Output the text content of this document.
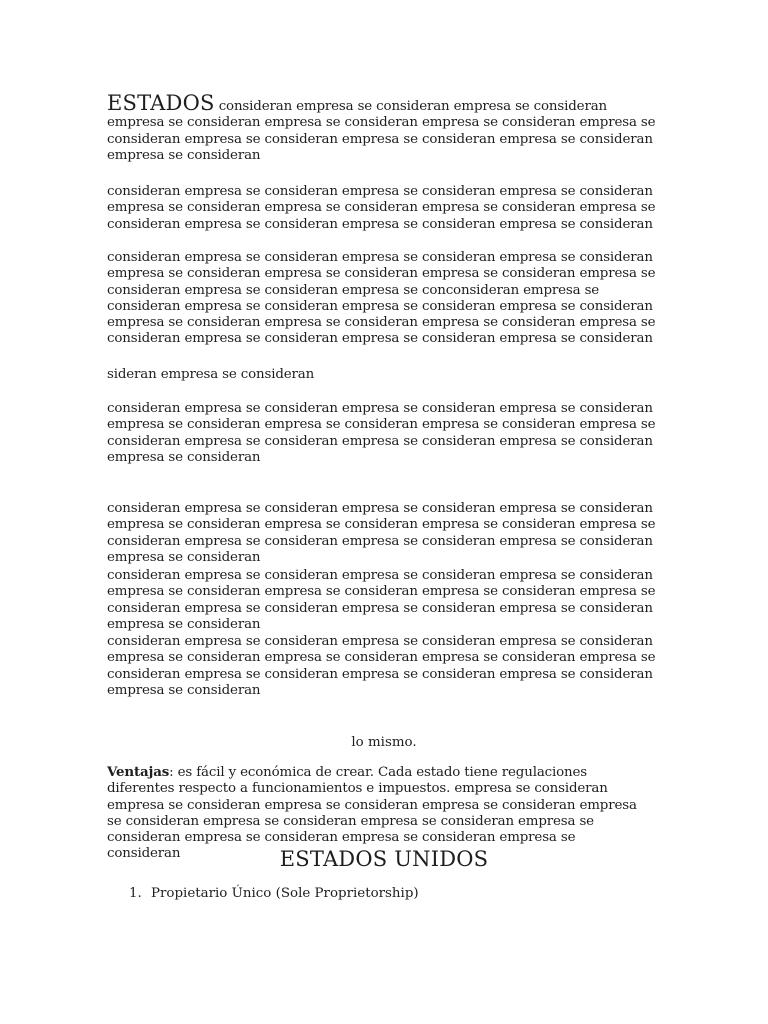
ESTADOS consideran empresa se consideran empresa se consideran empresa se consideran empresa se consideran empresa se consideran empresa se consideran empresa se consideran empresa se consideran empresa se consideran empresa se consideran

consideran empresa se consideran empresa se consideran empresa se consideran empresa se consideran empresa se consideran empresa se consideran empresa se consideran empresa se consideran empresa se consideran empresa se consideran

consideran empresa se consideran empresa se consideran empresa se consideran empresa se consideran empresa se consideran empresa se consideran empresa se consideran empresa se consideran empresa se conconsideran empresa se consideran empresa se consideran empresa se consideran empresa se consideran empresa se consideran empresa se consideran empresa se consideran empresa se consideran empresa se consideran empresa se consideran empresa se consideran

sideran empresa se consideran

consideran empresa se consideran empresa se consideran empresa se consideran empresa se consideran empresa se consideran empresa se consideran empresa se consideran empresa se consideran empresa se consideran empresa se consideran empresa se consideran

consideran empresa se consideran empresa se consideran empresa se consideran empresa se consideran empresa se consideran empresa se consideran empresa se consideran empresa se consideran empresa se consideran empresa se consideran empresa se consideran

consideran empresa se consideran empresa se consideran empresa se consideran empresa se consideran empresa se consideran empresa se consideran empresa se consideran empresa se consideran empresa se consideran empresa se consideran empresa se consideran

consideran empresa se consideran empresa se consideran empresa se consideran empresa se consideran empresa se consideran empresa se consideran empresa se consideran empresa se consideran empresa se consideran empresa se consideran empresa se consideran

lo mismo.

Ventajas: es fácil y económica de crear. Cada estado tiene regulaciones diferentes respecto a funcionamientos e impuestos. empresa se consideran empresa se consideran empresa se consideran empresa se consideran empresa se consideran empresa se consideran empresa se consideran empresa se consideran empresa se consideran empresa se consideran empresa se consideran	ESTADOS UNIDOS
1. Propietario Único (Sole Proprietorship)
